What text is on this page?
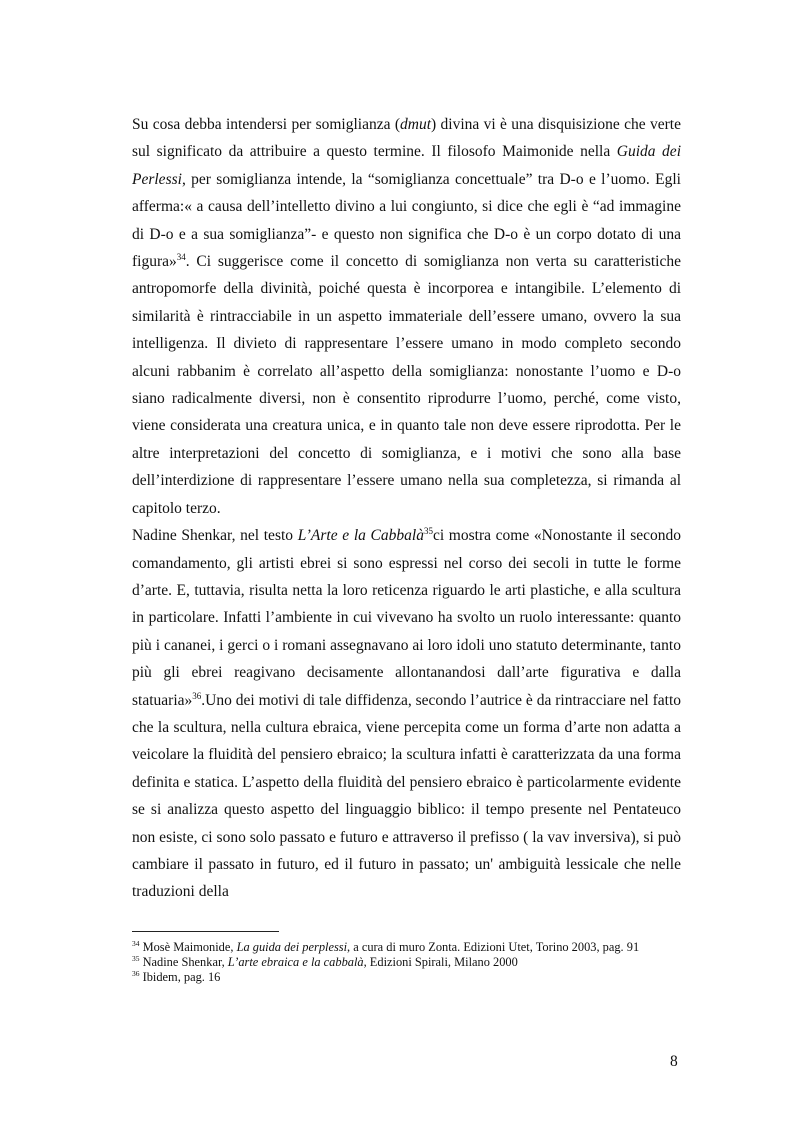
Su cosa debba intendersi per somiglianza (dmut) divina vi è una disquisizione che verte sul significato da attribuire a questo termine. Il filosofo Maimonide nella Guida dei Perlessi, per somiglianza intende, la “somiglianza concettuale” tra D-o e l’uomo. Egli afferma:« a causa dell’intelletto divino a lui congiunto, si dice che egli è “ad immagine di D-o e a sua somiglianza”- e questo non significa che D-o è un corpo dotato di una figura»$^{34}$. Ci suggerisce come il concetto di somiglianza non verta su caratteristiche antropomorfe della divinità, poiché questa è incorporea e intangibile. L’elemento di similarità è rintracciabile in un aspetto immateriale dell’essere umano, ovvero la sua intelligenza. Il divieto di rappresentare l’essere umano in modo completo secondo alcuni rabbanim è correlato all’aspetto della somiglianza: nonostante l’uomo e D-o siano radicalmente diversi, non è consentito riprodurre l’uomo, perché, come visto, viene considerata una creatura unica, e in quanto tale non deve essere riprodotta. Per le altre interpretazioni del concetto di somiglianza, e i motivi che sono alla base dell’interdizione di rappresentare l’essere umano nella sua completezza, si rimanda al capitolo terzo.

Nadine Shenkar, nel testo L’Arte e la Cabbalà$^{35}$ci mostra come «Nonostante il secondo comandamento, gli artisti ebrei si sono espressi nel corso dei secoli in tutte le forme d’arte. E, tuttavia, risulta netta la loro reticenza riguardo le arti plastiche, e alla scultura in particolare. Infatti l’ambiente in cui vivevano ha svolto un ruolo interessante: quanto più i cananei, i gerci o i romani assegnavano ai loro idoli uno statuto determinante, tanto più gli ebrei reagivano decisamente allontanandosi dall’arte figurativa e dalla statuaria»$^{36}$.Uno dei motivi di tale diffidenza, secondo l’autrice è da rintracciare nel fatto che la scultura, nella cultura ebraica, viene percepita come un forma d’arte non adatta a veicolare la fluidità del pensiero ebraico; la scultura infatti è caratterizzata da una forma definita e statica. L’aspetto della fluidità del pensiero ebraico è particolarmente evidente se si analizza questo aspetto del linguaggio biblico: il tempo presente nel Pentateuco non esiste, ci sono solo passato e futuro e attraverso il prefisso ( la vav inversiva), si può cambiare il passato in futuro, ed il futuro in passato; un' ambiguità lessicale che nelle traduzioni della

$^{34}$ Mosè Maimonide, La guida dei perplessi, a cura di muro Zonta. Edizioni Utet, Torino 2003, pag. 91
$^{35}$ Nadine Shenkar, L’arte ebraica e la cabbalà, Edizioni Spirali, Milano 2000
$^{36}$ Ibidem, pag. 16
8
